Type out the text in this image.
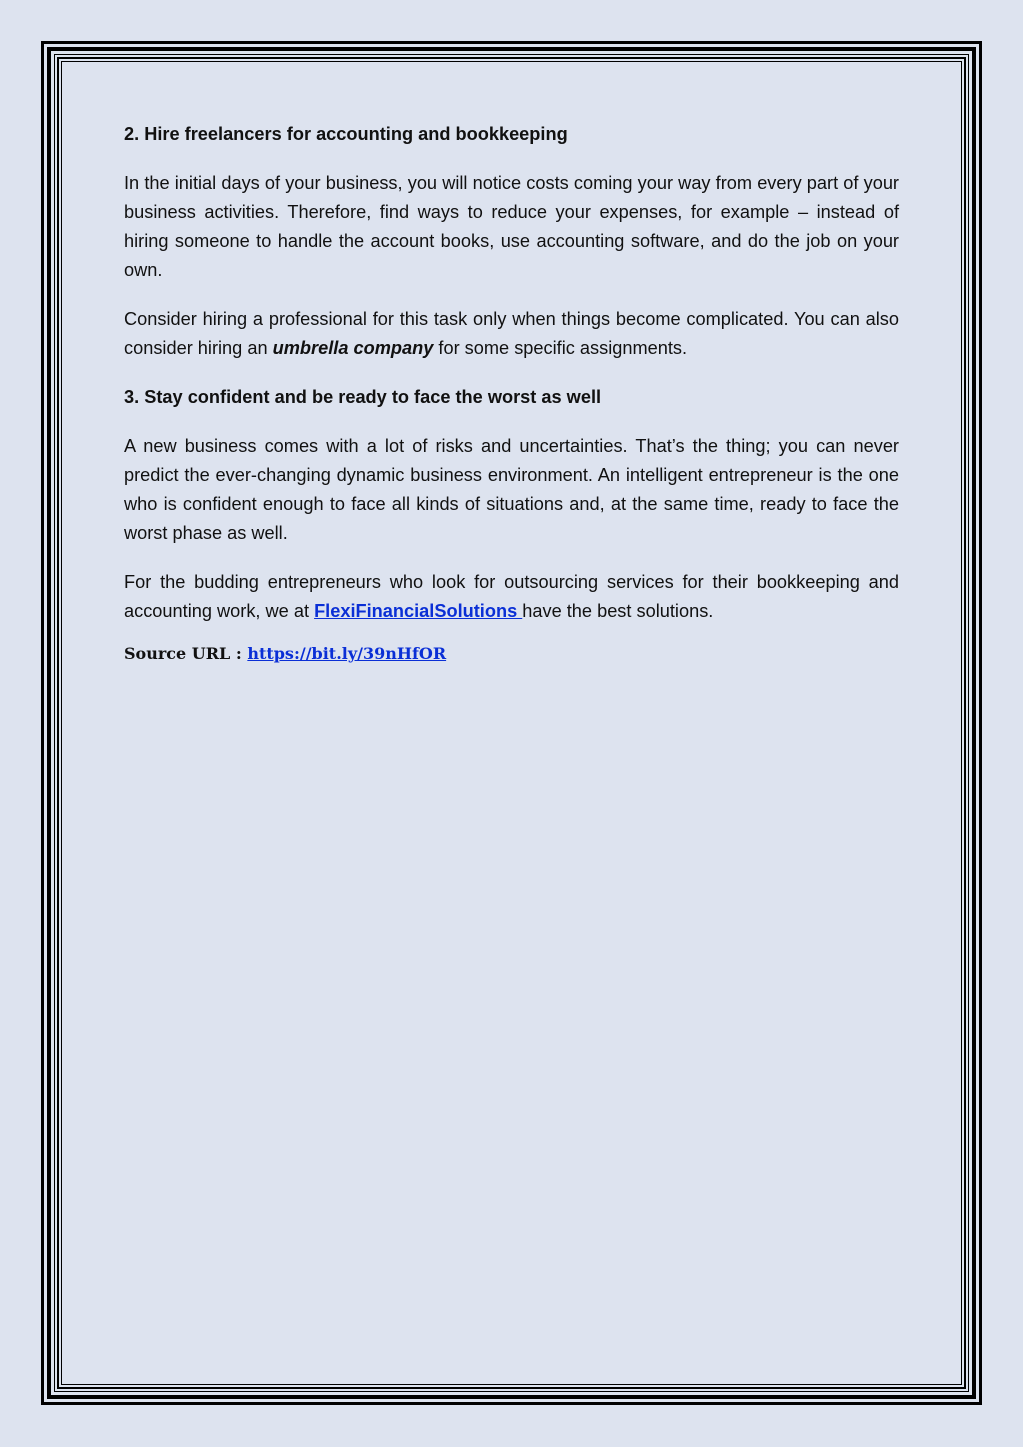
2. Hire freelancers for accounting and bookkeeping

In the initial days of your business, you will notice costs coming your way from every part of your business activities. Therefore, find ways to reduce your expenses, for example – instead of hiring someone to handle the account books, use accounting software, and do the job on your own.

Consider hiring a professional for this task only when things become complicated. You can also consider hiring an umbrella company for some specific assignments.

3. Stay confident and be ready to face the worst as well

A new business comes with a lot of risks and uncertainties. That’s the thing; you can never predict the ever-changing dynamic business environment. An intelligent entrepreneur is the one who is confident enough to face all kinds of situations and, at the same time, ready to face the worst phase as well.

For the budding entrepreneurs who look for outsourcing services for their bookkeeping and accounting work, we at FlexiFinancialSolutions have the best solutions.

Source URL : https://bit.ly/39nHfOR
